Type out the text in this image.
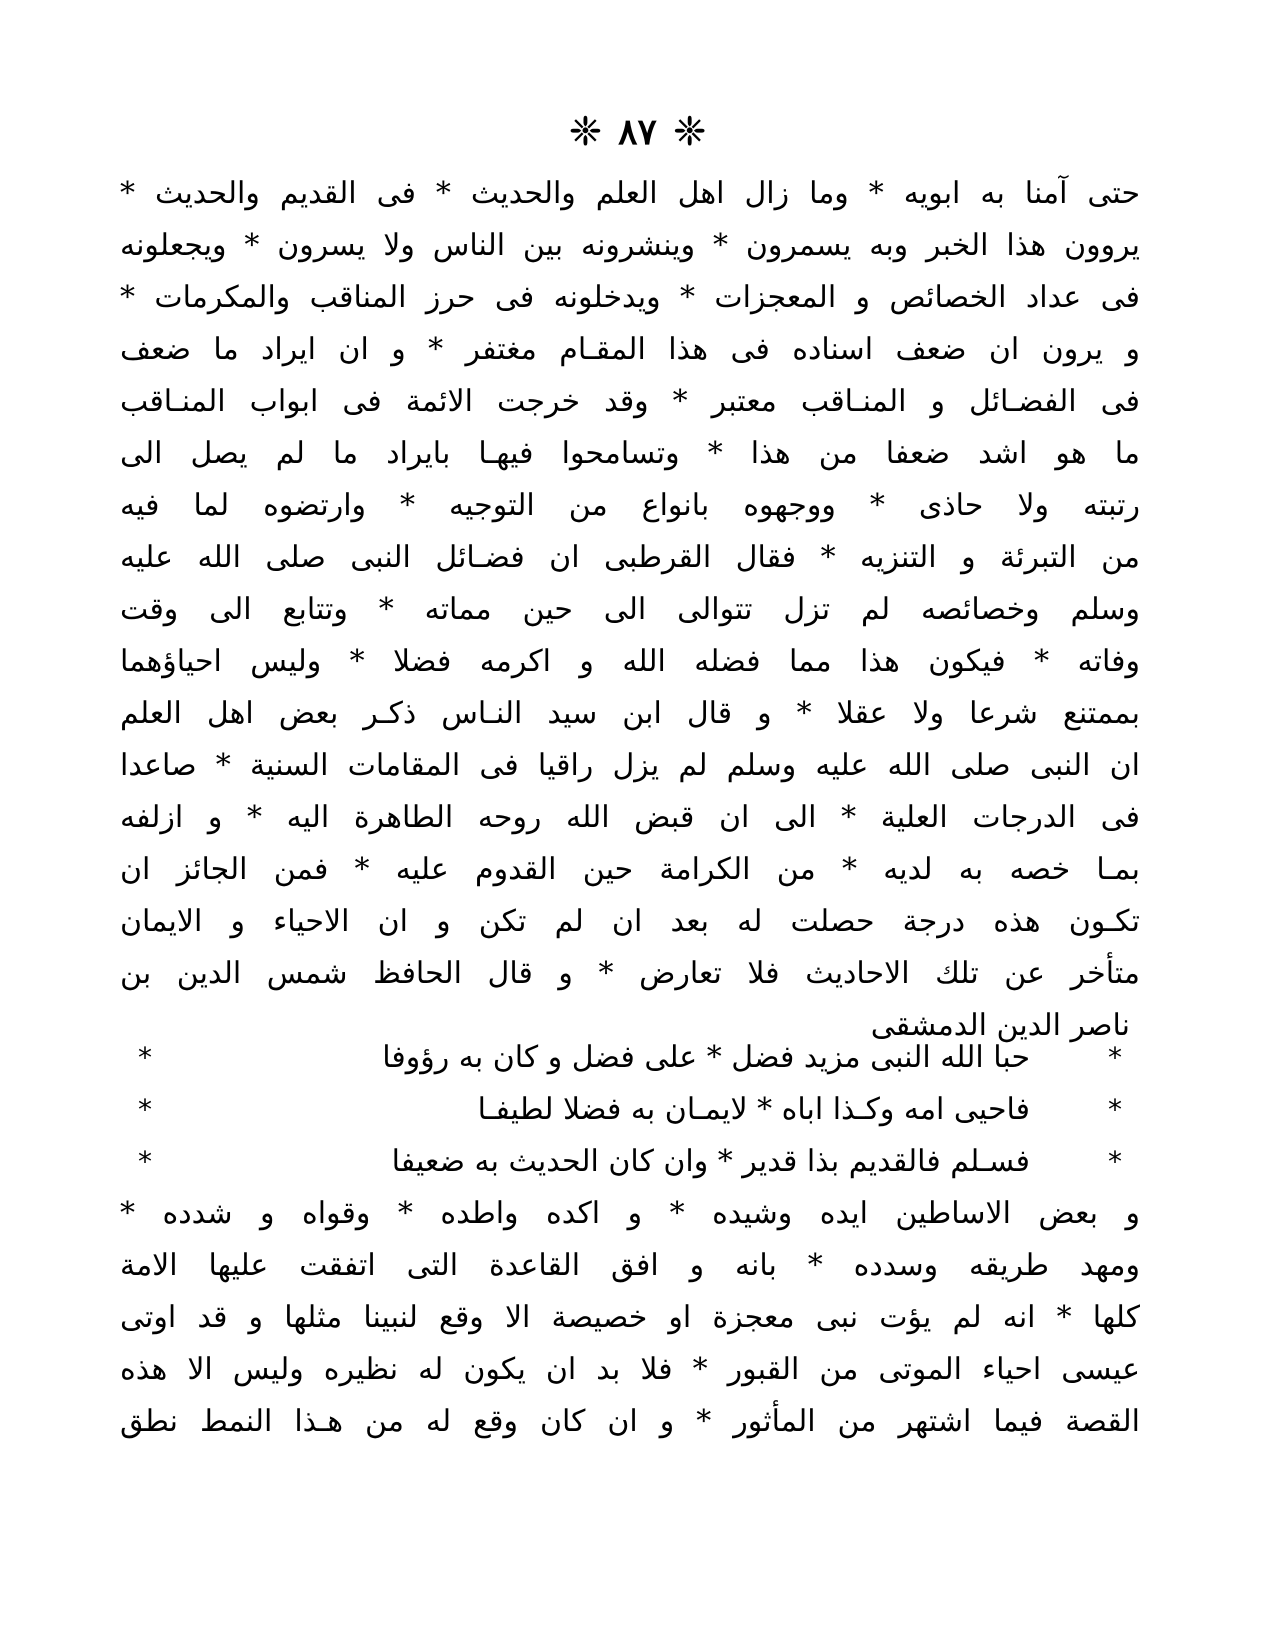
❈
٨٧
❈
حتى آمنا به ابويه * وما زال اهل العلم والحديث * فى القديم والحديث *
يروون هذا الخبر وبه يسمرون * وينشرونه بين الناس ولا يسرون * ويجعلونه
فى عداد الخصائص و المعجزات * ويدخلونه فى حرز المناقب والمكرمات *
و يرون ان ضعف اسناده فى هذا المقـام مغتفر * و ان ايراد ما ضعف
فى الفضـائل و المنـاقب معتبر * وقد خرجت الائمة فى ابواب المنـاقب
ما هو اشد ضعفا من هذا * وتسامحوا فيهـا بايراد ما لم يصل الى
رتبته ولا حاذى * ووجهوه بانواع من التوجيه * وارتضوه لما فيه
من التبرئة و التنزيه * فقال القرطبى ان فضـائل النبى صلى الله عليه
وسلم وخصائصه لم تزل تتوالى الى حين مماته * وتتابع الى وقت
وفاته * فيكون هذا مما فضله الله و اكرمه فضلا * وليس احياؤهما
بممتنع شرعا ولا عقلا * و قال ابن سيد النـاس ذكـر بعض اهل العلم
ان النبى صلى الله عليه وسلم لم يزل راقيا فى المقامات السنية * صاعدا
فى الدرجات العلية * الى ان قبض الله روحه الطاهرة اليه * و ازلفه
بمـا خصه به لديه * من الكرامة حين القدوم عليه * فمن الجائز ان
تكـون هذه درجة حصلت له بعد ان لم تكن و ان الاحياء و الايمان
متأخر عن تلك الاحاديث فلا تعارض * و قال الحافظ شمس الدين بن
ناصر الدين الدمشقى
*
حبا الله النبى مزيد فضل * على فضل و كان به رؤوفا
*
*
فاحيى امه وكـذا اباه * لايمـان به فضلا لطيفـا
*
*
فسـلم فالقديم بذا قدير * وان كان الحديث به ضعيفا
*
و بعض الاساطين ايده وشيده * و اكده واطده * وقواه و شدده *
ومهد طريقه وسدده * بانه و افق القاعدة التى اتفقت عليها الامة
كلها * انه لم يؤت نبى معجزة او خصيصة الا وقع لنبينا مثلها و قد اوتى
عيسى احياء الموتى من القبور * فلا بد ان يكون له نظيره وليس الا هذه
القصة فيما اشتهر من المأثور * و ان كان وقع له من هـذا النمط نطق
